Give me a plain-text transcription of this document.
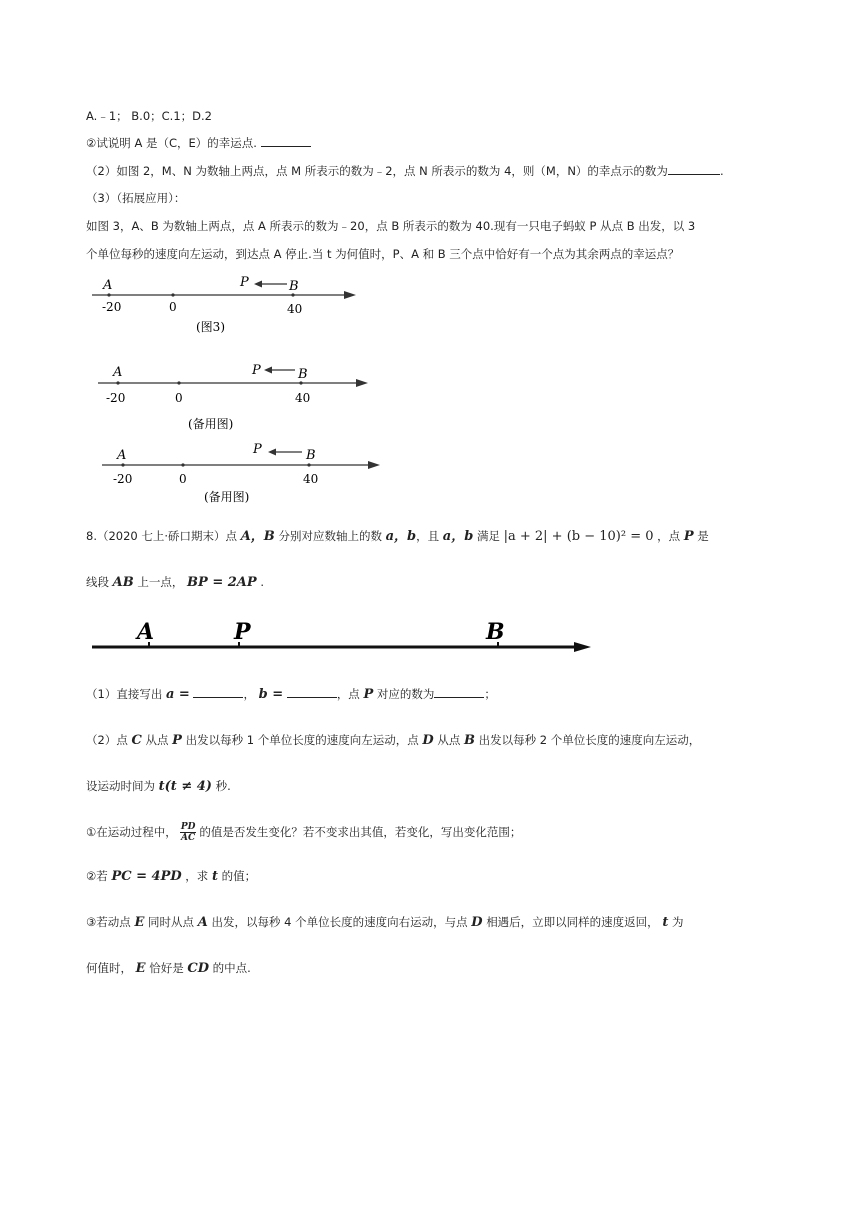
A.﹣1； B.0；C.1；D.2
②试说明 A 是（C，E）的幸运点.
（2）如图 2，M、N 为数轴上两点，点 M 所表示的数为﹣2，点 N 所表示的数为 4，则（M，N）的幸点示的数为	.
（3）（拓展应用）：
如图 3，A、B 为数轴上两点，点 A 所表示的数为﹣20，点 B 所表示的数为 40.现有一只电子蚂蚁 P 从点 B 出发，以 3
个单位每秒的速度向左运动，到达点 A 停止.当 t 为何值时，P、A 和 B 三个点中恰好有一个点为其余两点的幸运点？
A	P	B
-20	0	40
(图3)
A	P	B
-20	0	40
(备用图)
A	P	B
-20	0	40
(备用图)
8.（2020 七上·硚口期末）点 A，B 分别对应数轴上的数 a，b，且 a，b 满足 |a + 2| + (b − 10)² = 0 ，点 P 是
线段 AB 上一点， BP = 2AP .
A	P	B
（1）直接写出 a =	， b =	，点 P 对应的数为	；
（2）点 C 从点 P 出发以每秒 1 个单位长度的速度向左运动，点 D 从点 B 出发以每秒 2 个单位长度的速度向左运动，
设运动时间为 t(t ≠ 4) 秒.
①在运动过程中， $\frac{PD}{AC}$ 的值是否发生变化？若不变求出其值，若变化，写出变化范围；
②若 PC = 4PD ，求 t 的值；
③若动点 E 同时从点 A 出发，以每秒 4 个单位长度的速度向右运动，与点 D 相遇后，立即以同样的速度返回， t 为
何值时， E 恰好是 CD 的中点.
